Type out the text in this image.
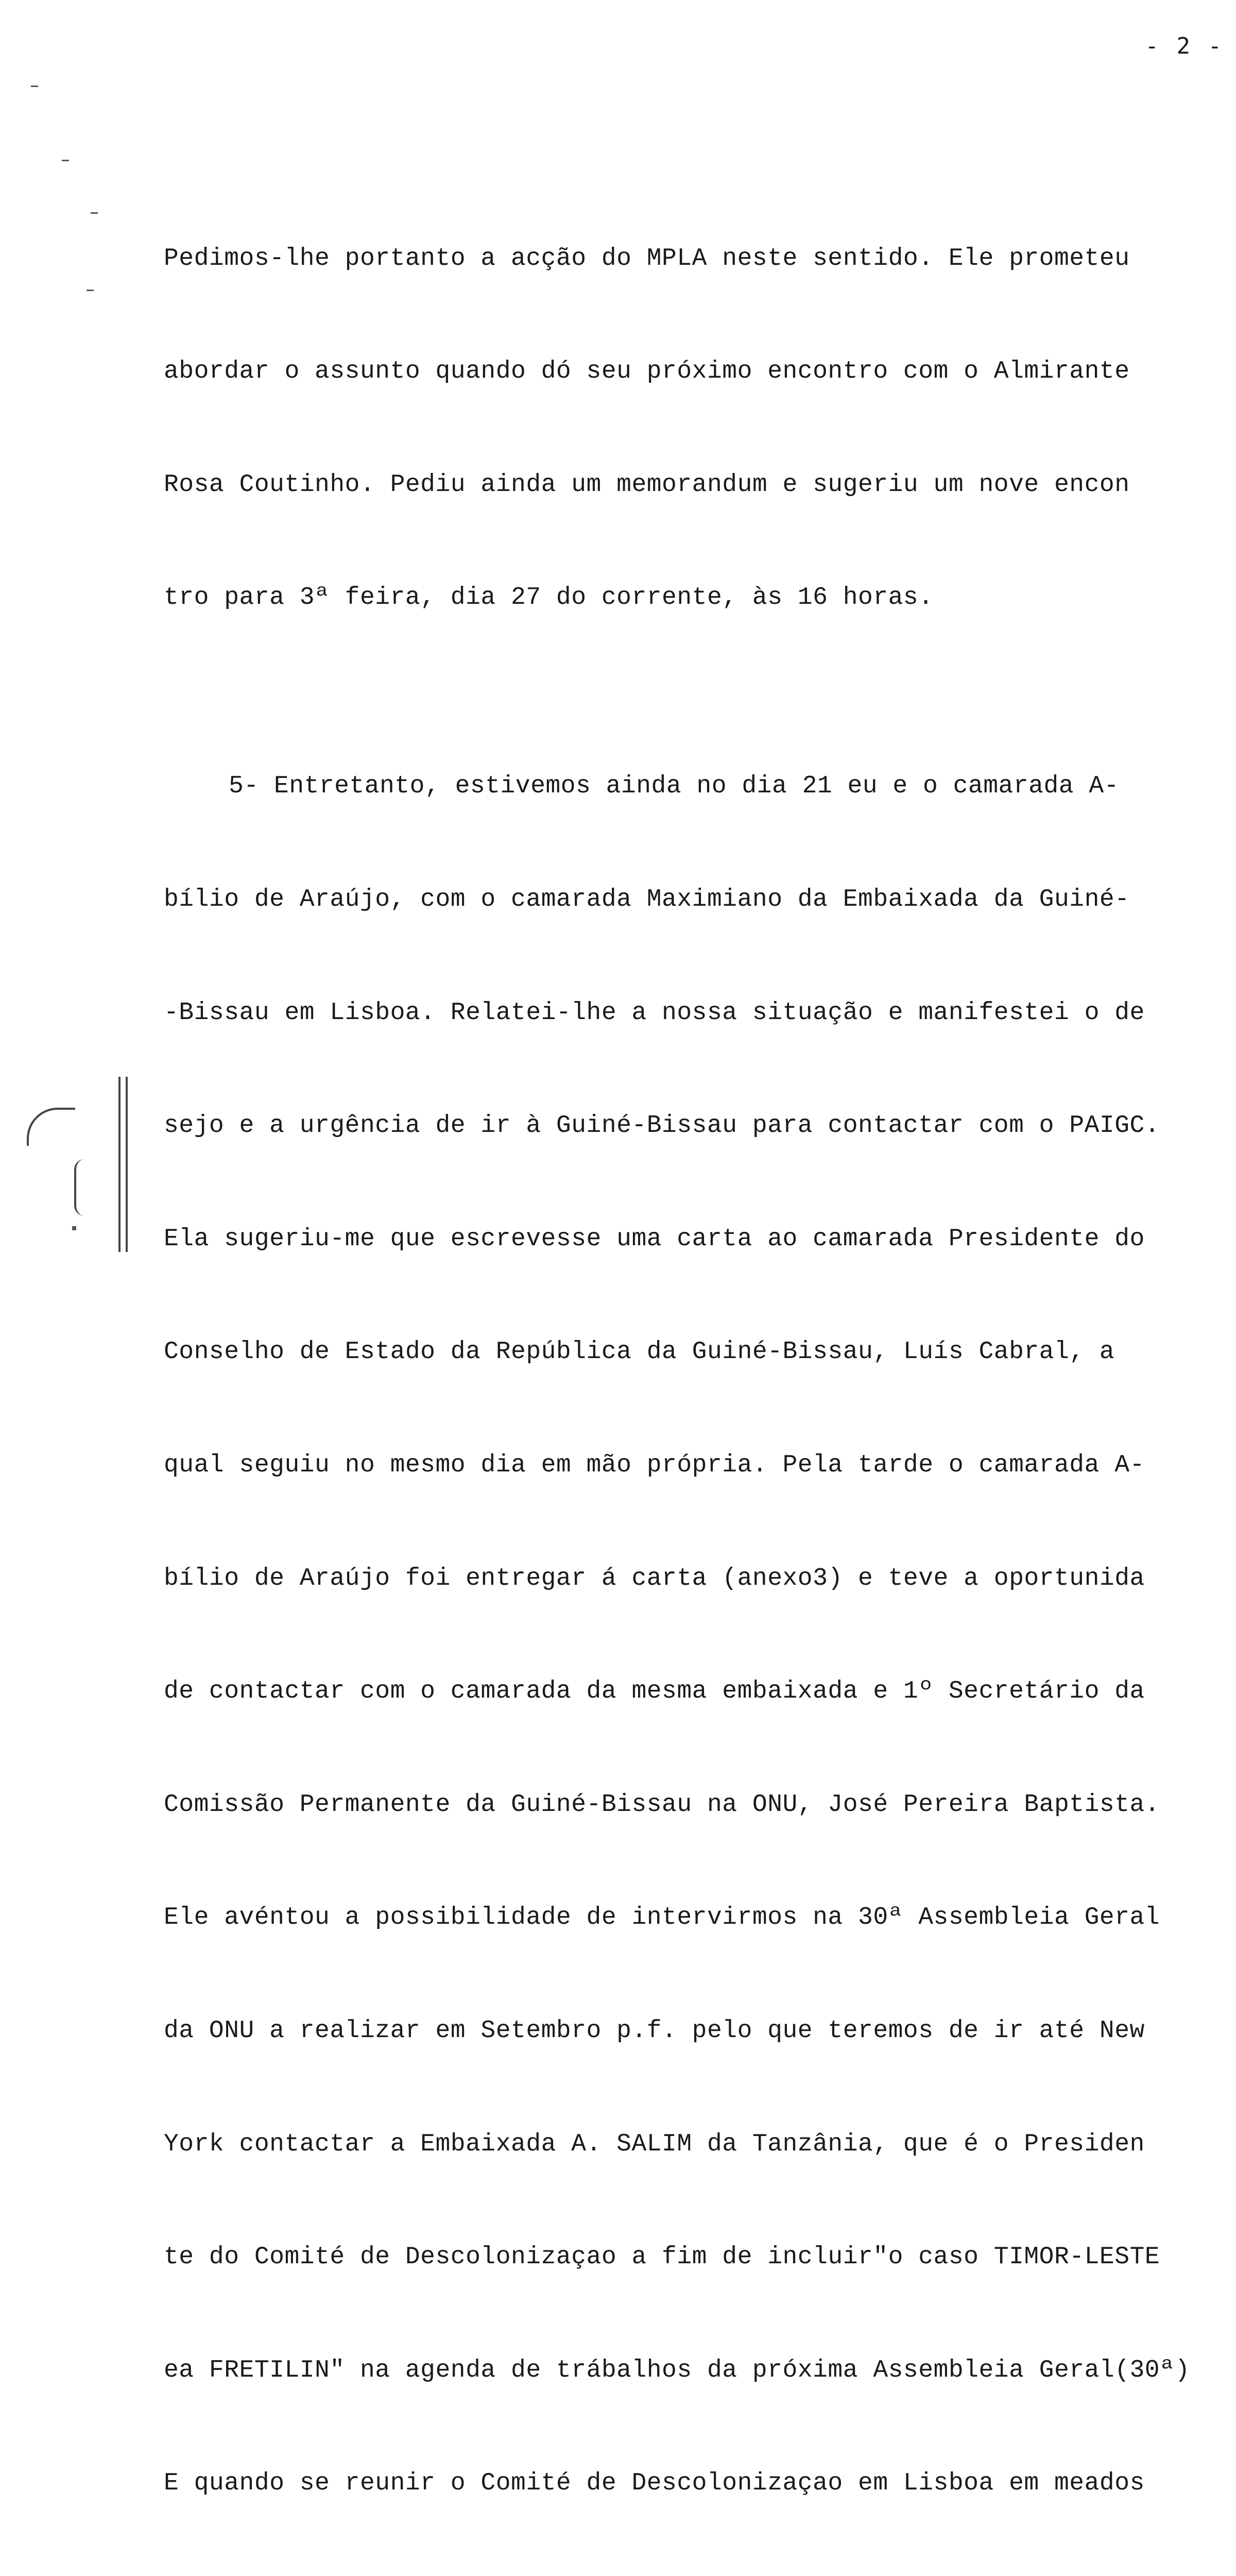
- 2 -

Pedimos-lhe portanto a acção do MPLA neste sentido. Ele prometeu

abordar o assunto quando dó seu próximo encontro com o Almirante

Rosa Coutinho. Pediu ainda um memorandum e sugeriu um nove encon

tro para 3ª feira, dia 27 do corrente, às 16 horas.

5- Entretanto, estivemos ainda no dia 21 eu e o camarada A-

bílio de Araújo, com o camarada Maximiano da Embaixada da Guiné-

-Bissau em Lisboa. Relatei-lhe a nossa situação e manifestei o de

sejo e a urgência de ir à Guiné-Bissau para contactar com o PAIGC.

Ela sugeriu-me que escrevesse uma carta ao camarada Presidente do

Conselho de Estado da República da Guiné-Bissau, Luís Cabral, a

qual seguiu no mesmo dia em mão própria. Pela tarde o camarada A-

bílio de Araújo foi entregar á carta (anexo3) e teve a oportunida

de contactar com o camarada da mesma embaixada e 1º Secretário da

Comissão Permanente da Guiné-Bissau na ONU, José Pereira Baptista.

Ele avéntou a possibilidade de intervirmos na 30ª Assembleia Geral

da ONU a realizar em Setembro p.f. pelo que teremos de ir até New

York contactar a Embaixada A. SALIM da Tanzânia, que é o Presiden

te do Comité de Descolonizaçao a fim de incluir"o caso TIMOR-LESTE

ea FRETILIN" na agenda de trábalhos da próxima Assembleia Geral(30ª)

E quando se reunir o Comité de Descolonizaçao em Lisboa em meados
